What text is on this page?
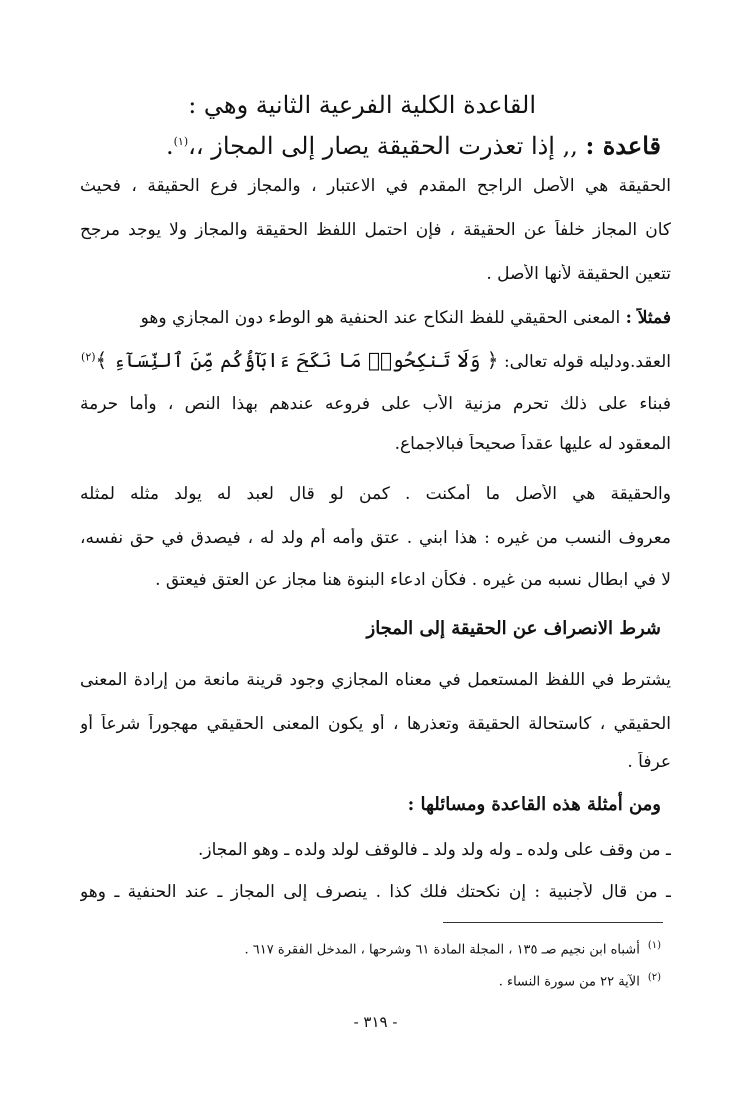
القاعدة الكلية الفرعية الثانية وهي :
قاعدة : ,, إذا تعذرت الحقيقة يصار إلى المجاز ،،$^{(١)}$.
الحقيقة هي الأصل الراجح المقدم في الاعتبار ، والمجاز فرع الحقيقة ، فحيث
كان المجاز خلفاً عن الحقيقة ، فإن احتمل اللفظ الحقيقة والمجاز ولا يوجد مرجح
تتعين الحقيقة لأنها الأصل .
فمثلاً : المعنى الحقيقي للفظ النكاح عند الحنفية هو الوطء دون المجازي وهو
العقد.ودليله قوله تعالى: ﴿ وَلَا تَنكِحُوا۟ مَا نَكَحَ ءَابَآؤُكُم مِّنَ ٱلنِّسَآءِ ﴾$^{(٢)}$
فبناء على ذلك تحرم مزنية الأب على فروعه عندهم بهذا النص ، وأما حرمة
المعقود له عليها عقداً صحيحاً فبالاجماع.
والحقيقة هي الأصل ما أمكنت . كمن لو قال لعبد له يولد مثله لمثله
معروف النسب من غيره : هذا ابني . عتق وأمه أم ولد له ، فيصدق في حق نفسه،
لا في ابطال نسبه من غيره . فكأن ادعاء البنوة هنا مجاز عن العتق فيعتق .
شرط الانصراف عن الحقيقة إلى المجاز
يشترط في اللفظ المستعمل في معناه المجازي وجود قرينة مانعة من إرادة المعنى
الحقيقي ، كاستحالة الحقيقة وتعذرها ، أو يكون المعنى الحقيقي مهجوراً شرعاً أو
عرفاً .
ومن أمثلة هذه القاعدة ومسائلها :
ـ من وقف على ولده ـ وله ولد ولد ـ فالوقف لولد ولده ـ وهو المجاز.
ـ من قال لأجنبية : إن نكحتك فلك كذا . ينصرف إلى المجاز ـ عند الحنفية ـ وهو
$^{(١)}$أشباه ابن نجيم صـ ١٣٥ ، المجلة المادة ٦١ وشرحها ، المدخل الفقرة ٦١٧ .
$^{(٢)}$الآية ٢٢ من سورة النساء .
- ٣١٩ -
